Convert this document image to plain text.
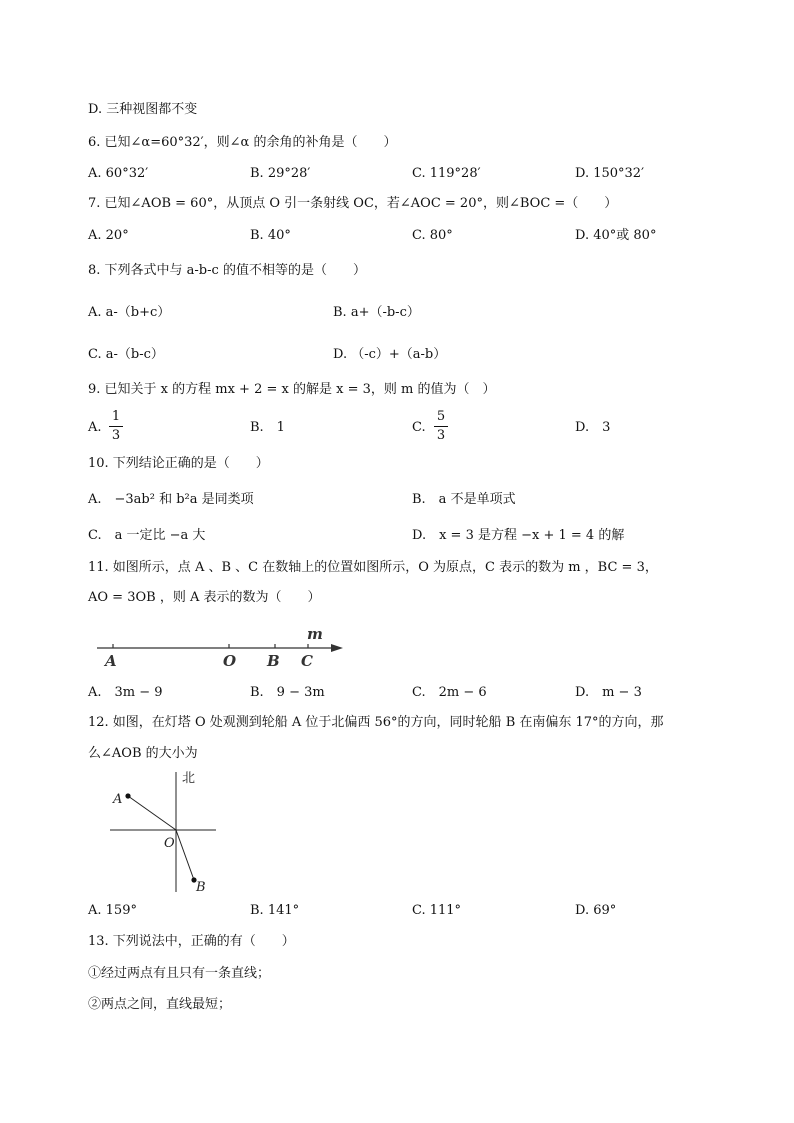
D. 三种视图都不变
6. 已知∠α=60°32′，则∠α 的余角的补角是（　　）
A. 60°32′	B. 29°28′	C. 119°28′	D. 150°32′
7. 已知∠AOB = 60°，从顶点 O 引一条射线 OC，若∠AOC = 20°，则∠BOC =（　　）
A. 20°	B. 40°	C. 80°	D. 40°或 80°
8. 下列各式中与 a-b-c 的值不相等的是（　　）
A. a-（b+c）	B. a+（-b-c）
C. a-（b-c）	D. （-c）+（a-b）
9. 已知关于 x 的方程 mx + 2 = x 的解是 x = 3，则 m 的值为（　）
A. $\frac{1}{3}$	B.　1	C. $\frac{5}{3}$	D.　3
10. 下列结论正确的是（　　）
A.　−3ab² 和 b²a 是同类项	B.　a 不是单项式
C.　a 一定比 −a 大	D.　x = 3 是方程 −x + 1 = 4 的解
11. 如图所示，点 A 、B 、C 在数轴上的位置如图所示，O 为原点，C 表示的数为 m ，BC = 3，
AO = 3OB ，则 A 表示的数为（　　）
m
A	O B C
A.　3m − 9	B.　9 − 3m	C.　2m − 6	D.　m − 3
12. 如图，在灯塔 O 处观测到轮船 A 位于北偏西 56°的方向，同时轮船 B 在南偏东 17°的方向，那
么∠AOB 的大小为
北
A
O
B
A. 159°	B. 141°	C. 111°	D. 69°
13. 下列说法中，正确的有（　　）
①经过两点有且只有一条直线；
②两点之间，直线最短；
